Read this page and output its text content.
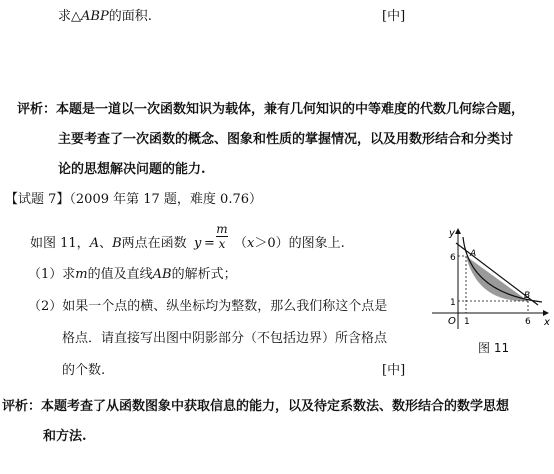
求△ABP的面积.	[中]
评析：本题是一道以一次函数知识为载体，兼有几何知识的中等难度的代数几何综合题，
主要考查了一次函数的概念、图象和性质的掌握情况，以及用数形结合和分类讨
论的思想解决问题的能力.
【试题 7】（2009 年第 17 题，难度 0.76）
如图 11，A、B两点在函数 y =
m
x （x＞0）的图象上.
（1）求m的值及直线AB的解析式；
（2）如果一个点的横、纵坐标均为整数，那么我们称这个点是
格点．请直接写出图中阴影部分（不包括边界）所含格点
的个数.	[中]
y
x
O
A
B
6
1
1	6
图 11
评析：本题考查了从函数图象中获取信息的能力，以及待定系数法、数形结合的数学思想
和方法.
